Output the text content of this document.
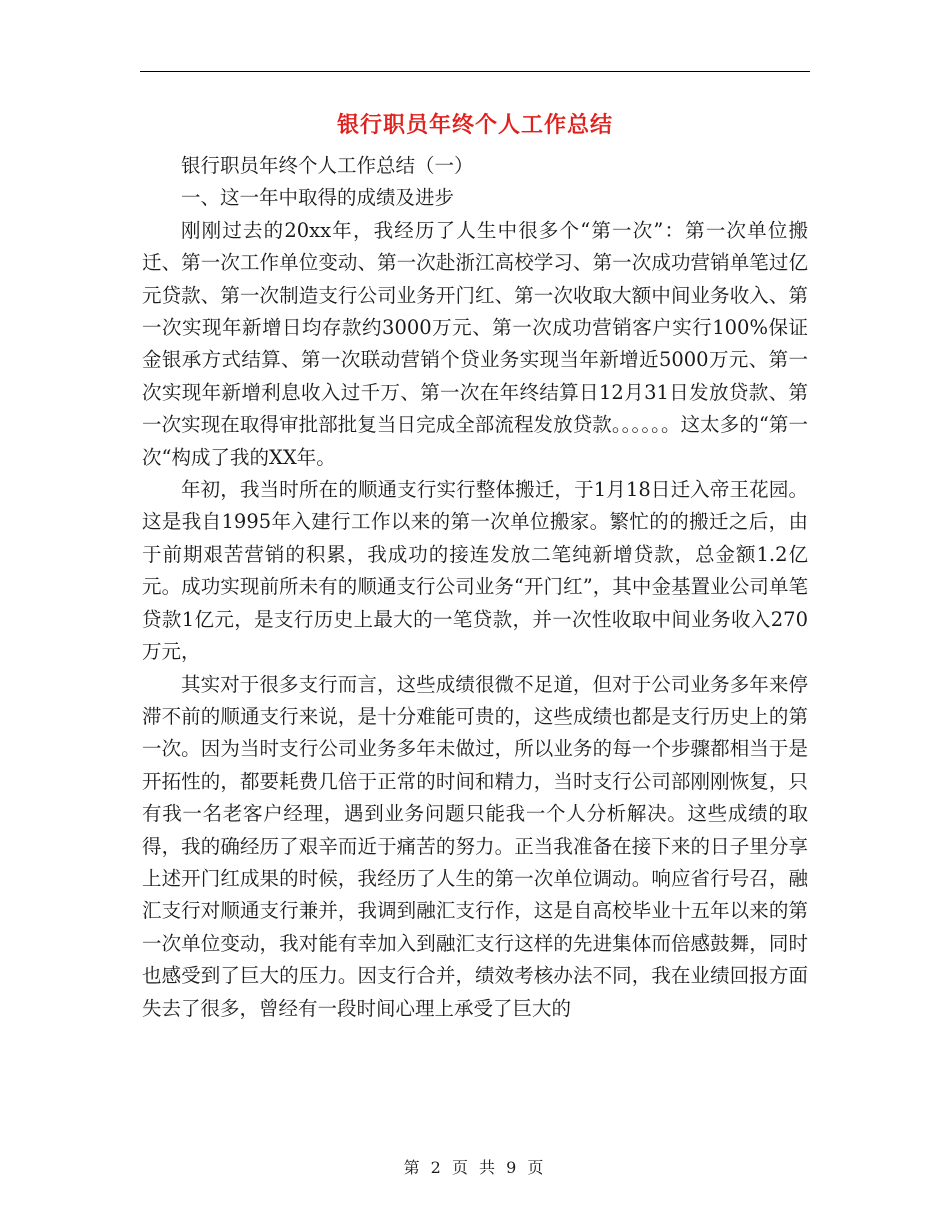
银行职员年终个人工作总结

银行职员年终个人工作总结（一）

一、这一年中取得的成绩及进步

刚刚过去的20xx年，我经历了人生中很多个“第一次”：第一次单位搬迁、第一次工作单位变动、第一次赴浙江高校学习、第一次成功营销单笔过亿元贷款、第一次制造支行公司业务开门红、第一次收取大额中间业务收入、第一次实现年新增日均存款约3000万元、第一次成功营销客户实行100%保证金银承方式结算、第一次联动营销个贷业务实现当年新增近5000万元、第一次实现年新增利息收入过千万、第一次在年终结算日12月31日发放贷款、第一次实现在取得审批部批复当日完成全部流程发放贷款。。。。。。这太多的“第一次“构成了我的XX年。

年初，我当时所在的顺通支行实行整体搬迁，于1月18日迁入帝王花园。这是我自1995年入建行工作以来的第一次单位搬家。繁忙的的搬迁之后，由于前期艰苦营销的积累，我成功的接连发放二笔纯新增贷款，总金额1.2亿元。成功实现前所未有的顺通支行公司业务“开门红”，其中金基置业公司单笔贷款1亿元，是支行历史上最大的一笔贷款，并一次性收取中间业务收入270万元，

其实对于很多支行而言，这些成绩很微不足道，但对于公司业务多年来停滞不前的顺通支行来说，是十分难能可贵的，这些成绩也都是支行历史上的第一次。因为当时支行公司业务多年未做过，所以业务的每一个步骤都相当于是开拓性的，都要耗费几倍于正常的时间和精力，当时支行公司部刚刚恢复，只有我一名老客户经理，遇到业务问题只能我一个人分析解决。这些成绩的取得，我的确经历了艰辛而近于痛苦的努力。正当我准备在接下来的日子里分享上述开门红成果的时候，我经历了人生的第一次单位调动。响应省行号召，融汇支行对顺通支行兼并，我调到融汇支行作，这是自高校毕业十五年以来的第一次单位变动，我对能有幸加入到融汇支行这样的先进集体而倍感鼓舞，同时也感受到了巨大的压力。因支行合并，绩效考核办法不同，我在业绩回报方面失去了很多，曾经有一段时间心理上承受了巨大的

第 2 页 共 9 页
